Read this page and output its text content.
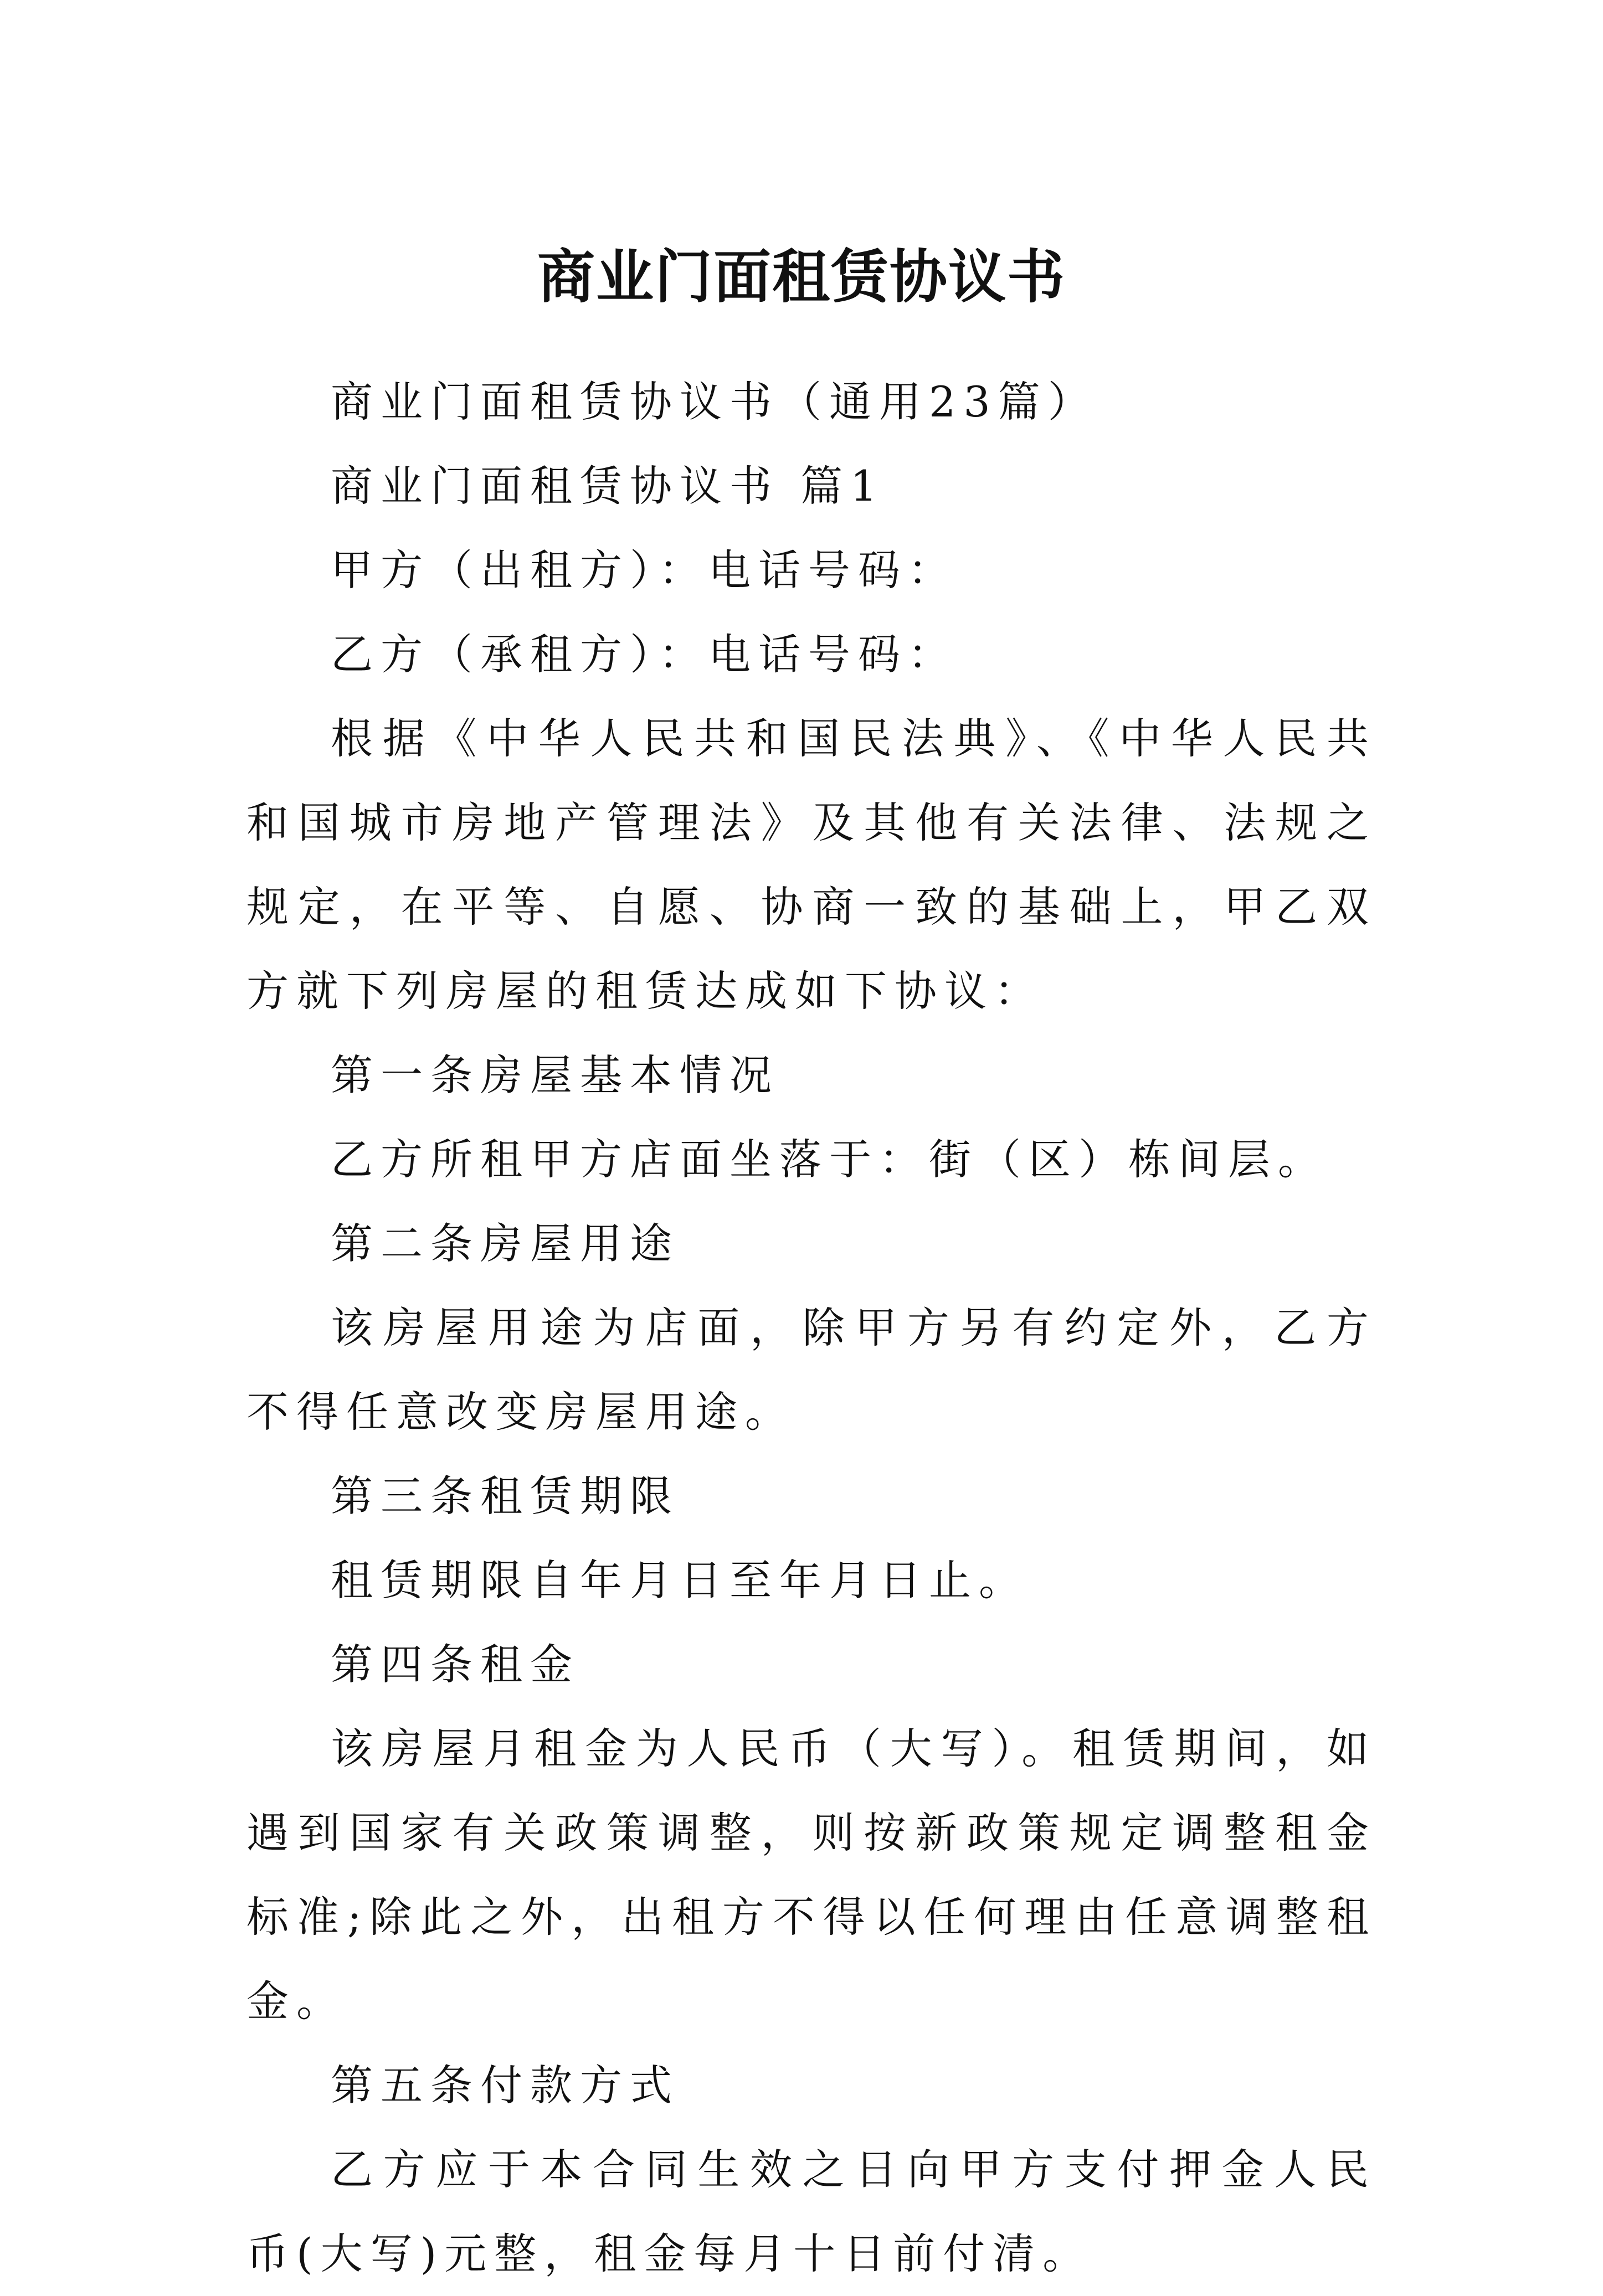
商业门面租赁协议书

商业门面租赁协议书（通用23篇）

商业门面租赁协议书 篇1

甲方（出租方）：电话号码：

乙方（承租方）：电话号码：

根据《中华人民共和国民法典》、《中华人民共和国城市房地产管理法》及其他有关法律、法规之规定，在平等、自愿、协商一致的基础上，甲乙双方就下列房屋的租赁达成如下协议：

第一条房屋基本情况

乙方所租甲方店面坐落于：街（区）栋间层。

第二条房屋用途

该房屋用途为店面，除甲方另有约定外，乙方不得任意改变房屋用途。

第三条租赁期限

租赁期限自年月日至年月日止。

第四条租金

该房屋月租金为人民币（大写）。租赁期间，如遇到国家有关政策调整，则按新政策规定调整租金标准;除此之外，出租方不得以任何理由任意调整租金。

第五条付款方式

乙方应于本合同生效之日向甲方支付押金人民币(大写)元整，租金每月十日前付清。
